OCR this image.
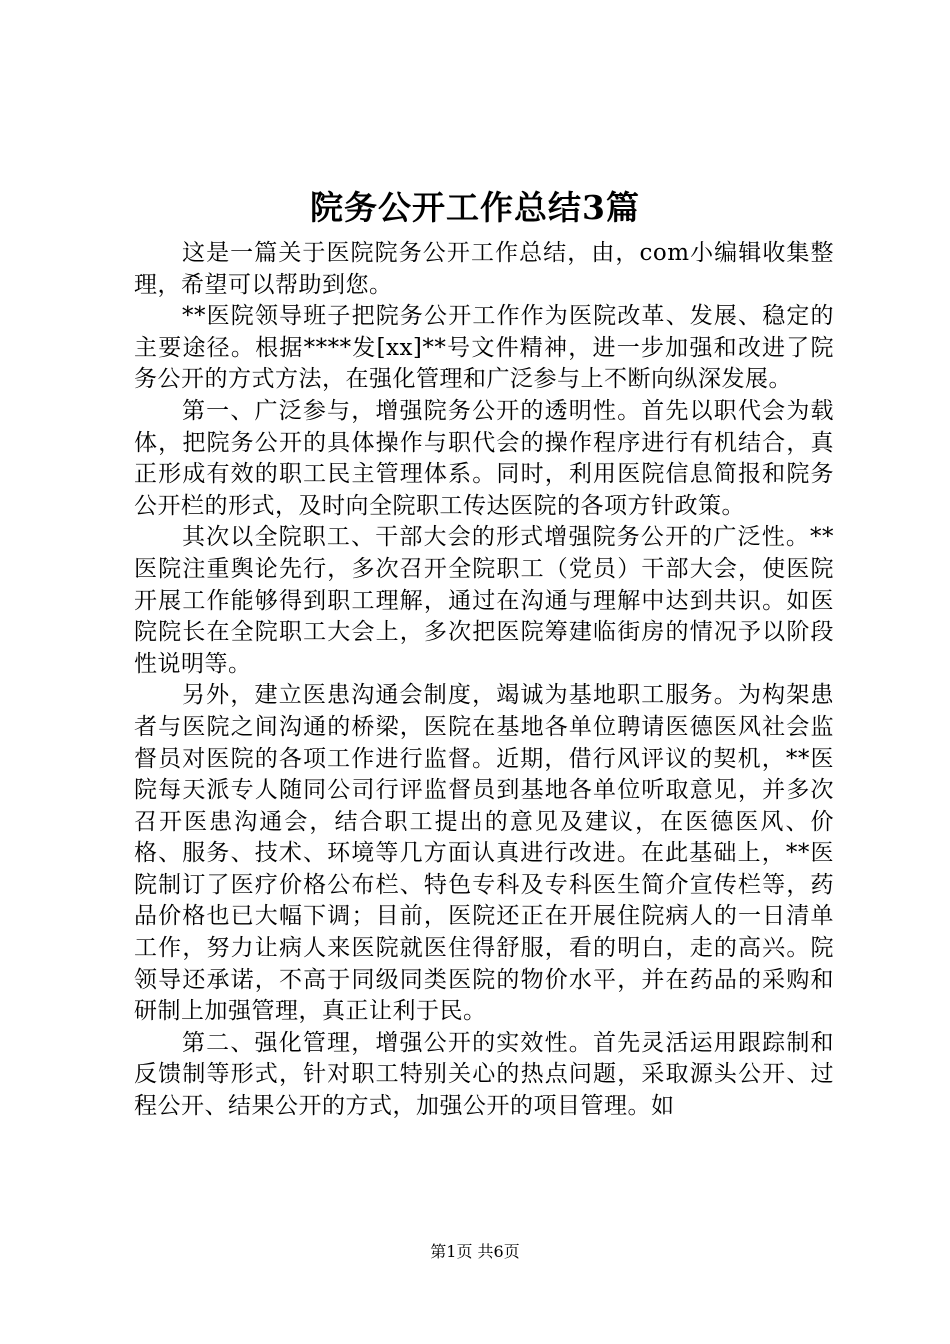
院务公开工作总结3篇

这是一篇关于医院院务公开工作总结，由，com小编辑收集整理，希望可以帮助到您。

**医院领导班子把院务公开工作作为医院改革、发展、稳定的主要途径。根据****发[xx]**号文件精神，进一步加强和改进了院务公开的方式方法，在强化管理和广泛参与上不断向纵深发展。

第一、广泛参与，增强院务公开的透明性。首先以职代会为载体，把院务公开的具体操作与职代会的操作程序进行有机结合，真正形成有效的职工民主管理体系。同时，利用医院信息简报和院务公开栏的形式，及时向全院职工传达医院的各项方针政策。

其次以全院职工、干部大会的形式增强院务公开的广泛性。**医院注重舆论先行，多次召开全院职工（党员）干部大会，使医院开展工作能够得到职工理解，通过在沟通与理解中达到共识。如医院院长在全院职工大会上，多次把医院筹建临街房的情况予以阶段性说明等。

另外，建立医患沟通会制度，竭诚为基地职工服务。为构架患者与医院之间沟通的桥梁，医院在基地各单位聘请医德医风社会监督员对医院的各项工作进行监督。近期，借行风评议的契机，**医院每天派专人随同公司行评监督员到基地各单位听取意见，并多次召开医患沟通会，结合职工提出的意见及建议，在医德医风、价格、服务、技术、环境等几方面认真进行改进。在此基础上，**医院制订了医疗价格公布栏、特色专科及专科医生简介宣传栏等，药品价格也已大幅下调；目前，医院还正在开展住院病人的一日清单工作，努力让病人来医院就医住得舒服，看的明白，走的高兴。院领导还承诺，不高于同级同类医院的物价水平，并在药品的采购和研制上加强管理，真正让利于民。

第二、强化管理，增强公开的实效性。首先灵活运用跟踪制和反馈制等形式，针对职工特别关心的热点问题，采取源头公开、过程公开、结果公开的方式，加强公开的项目管理。如

第1页 共6页
